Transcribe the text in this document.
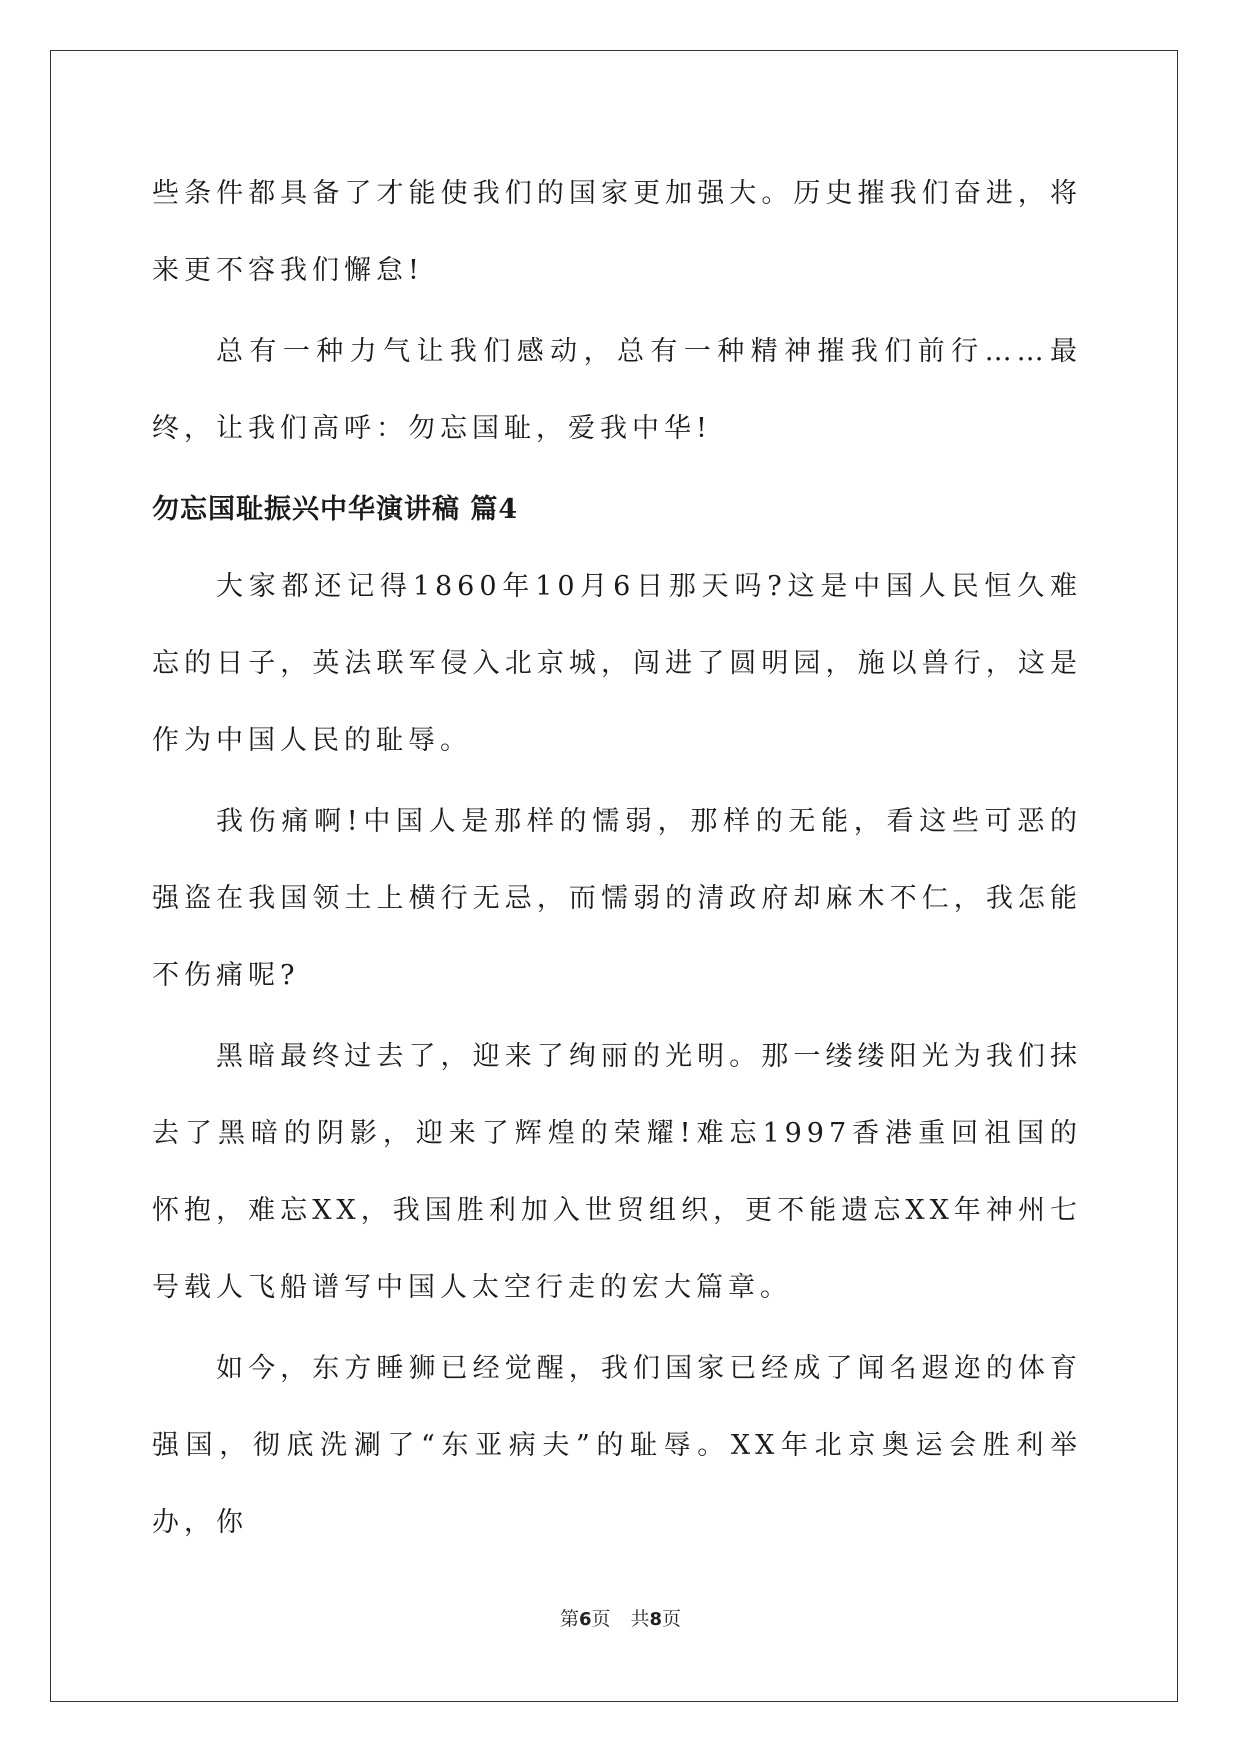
些条件都具备了才能使我们的国家更加强大。历史摧我们奋进，将来更不容我们懈怠!

总有一种力气让我们感动，总有一种精神摧我们前行……最终，让我们高呼：勿忘国耻，爱我中华!

勿忘国耻振兴中华演讲稿 篇4

大家都还记得1860年10月6日那天吗?这是中国人民恒久难忘的日子，英法联军侵入北京城，闯进了圆明园，施以兽行，这是作为中国人民的耻辱。

我伤痛啊!中国人是那样的懦弱，那样的无能，看这些可恶的强盗在我国领土上横行无忌，而懦弱的清政府却麻木不仁，我怎能不伤痛呢?

黑暗最终过去了，迎来了绚丽的光明。那一缕缕阳光为我们抹去了黑暗的阴影，迎来了辉煌的荣耀!难忘1997香港重回祖国的怀抱，难忘XX，我国胜利加入世贸组织，更不能遗忘XX年神州七号载人飞船谱写中国人太空行走的宏大篇章。

如今，东方睡狮已经觉醒，我们国家已经成了闻名遐迩的体育强国，彻底洗涮了“东亚病夫”的耻辱。XX年北京奥运会胜利举办，你

第6页 共8页
